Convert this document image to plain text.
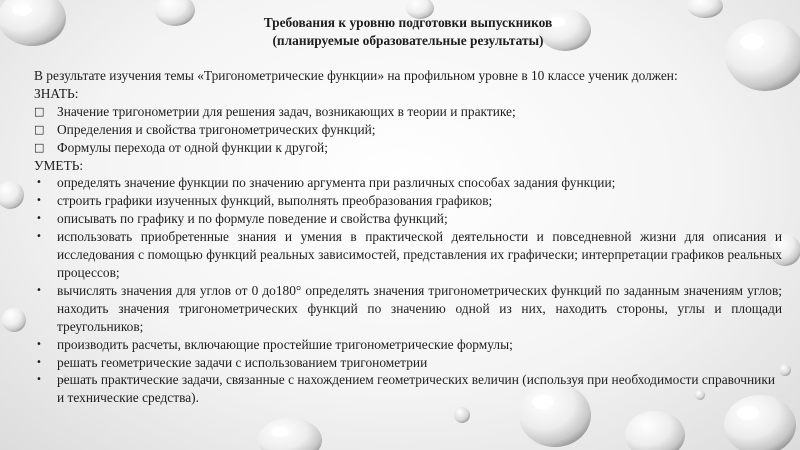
Требования к уровню подготовки выпускников
(планируемые образовательные результаты)

В результате изучения темы «Тригонометрические функции» на профильном уровне в 10 классе ученик должен:

ЗНАТЬ:

□ Значение тригонометрии для решения задач, возникающих в теории и практике;
□ Определения и свойства тригонометрических функций;
□ Формулы перехода от одной функции к другой;

УМЕТЬ:

•	определять значение функции по значению аргумента при различных способах задания функции;
•	строить графики изученных функций, выполнять преобразования графиков;
•	описывать по графику и по формуле поведение и свойства функций;
•	использовать приобретенные знания и умения в практической деятельности и повседневной жизни для описания и исследования с помощью функций реальных зависимостей, представления их графически; интерпретации графиков реальных процессов;
•	вычислять значения для углов от 0 до180° определять значения тригонометрических функций по заданным значениям углов; находить значения тригонометрических функций по значению одной из них, находить стороны, углы и площади треугольников;
•	производить расчеты, включающие простейшие тригонометрические формулы;
•	решать геометрические задачи с использованием тригонометрии
•	решать практические задачи, связанные с нахождением геометрических величин (используя при необходимости справочники и технические средства).
